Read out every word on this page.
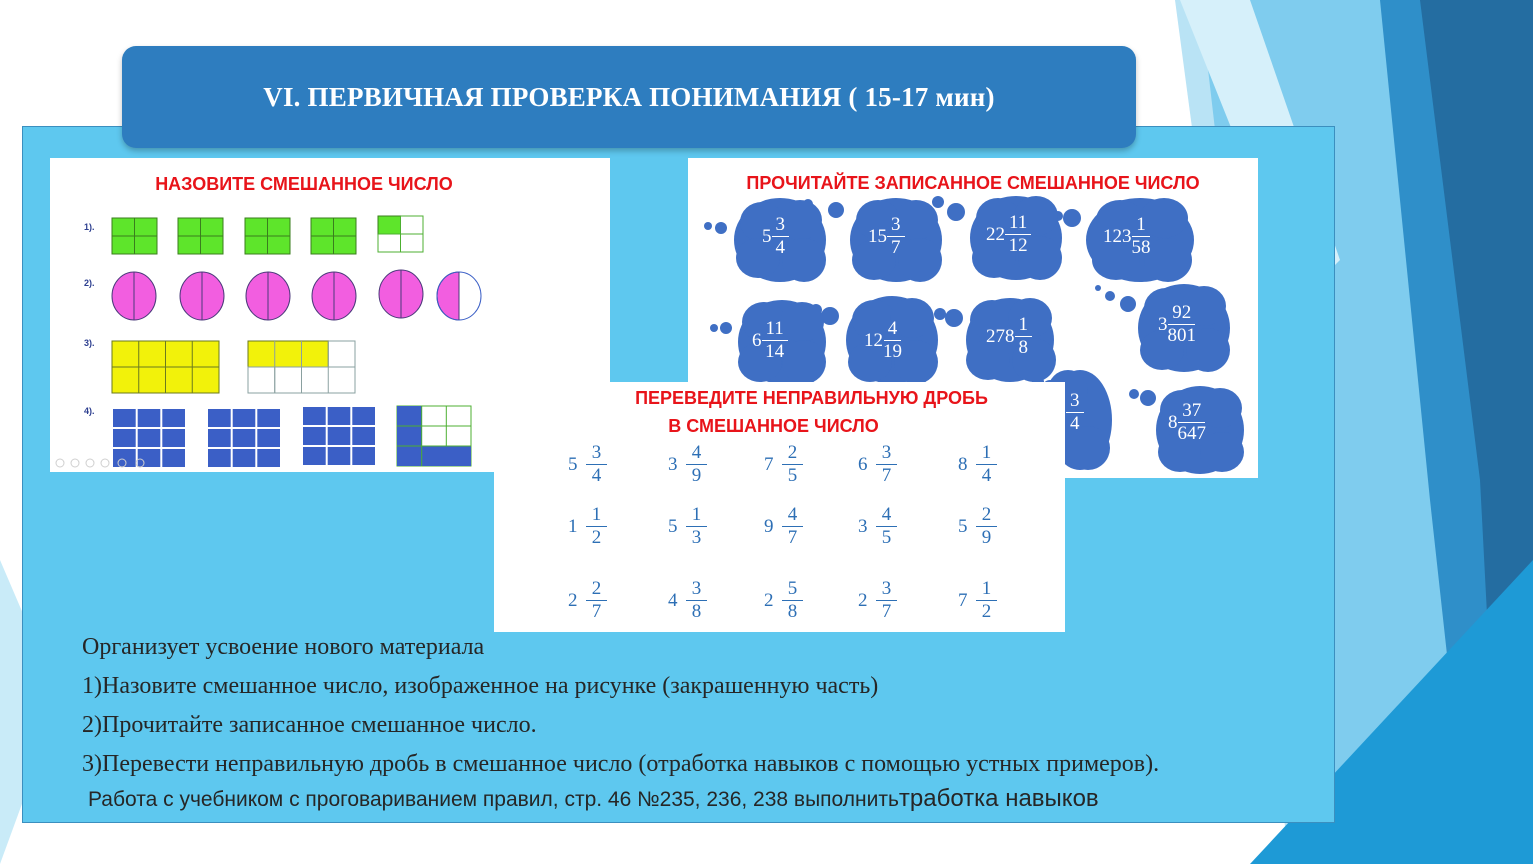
VI. ПЕРВИЧНАЯ ПРОВЕРКА ПОНИМАНИЯ ( 15-17 мин)
НАЗОВИТЕ СМЕШАННОЕ ЧИСЛО
1).
2).
3).
4).
ПРОЧИТАЙТЕ ЗАПИСАННОЕ СМЕШАННОЕ ЧИСЛО
$5 \frac{3}{4}$	$15 \frac{3}{7}$	$22 \frac{11}{12}$	$123 \frac{1}{58}$
$6 \frac{11}{14}$	$12 \frac{4}{19}$	$278 \frac{1}{8}$	$3 \frac{92}{801}$
$\frac{3}{4}$	$8 \frac{37}{647}$
ПЕРЕВЕДИТЕ НЕПРАВИЛЬНУЮ ДРОБЬ
В СМЕШАННОЕ ЧИСЛО
$5 \frac{3}{4}$	$3 \frac{4}{9}$	$7 \frac{2}{5}$	$6 \frac{3}{7}$	$8 \frac{1}{4}$
$1 \frac{1}{2}$	$5 \frac{1}{3}$	$9 \frac{4}{7}$	$3 \frac{4}{5}$	$5 \frac{2}{9}$
$2 \frac{2}{7}$	$4 \frac{3}{8}$	$2 \frac{5}{8}$	$2 \frac{3}{7}$	$7 \frac{1}{2}$
Организует усвоение нового материала
1)Назовите смешанное число, изображенное на рисунке (закрашенную часть)
2)Прочитайте записанное смешанное число.
3)Перевести неправильную дробь в смешанное число (отработка навыков с помощью устных примеров).
Работа с учебником с проговариванием правил, стр. 46 №235, 236, 238 выполнитьтработка навыков
